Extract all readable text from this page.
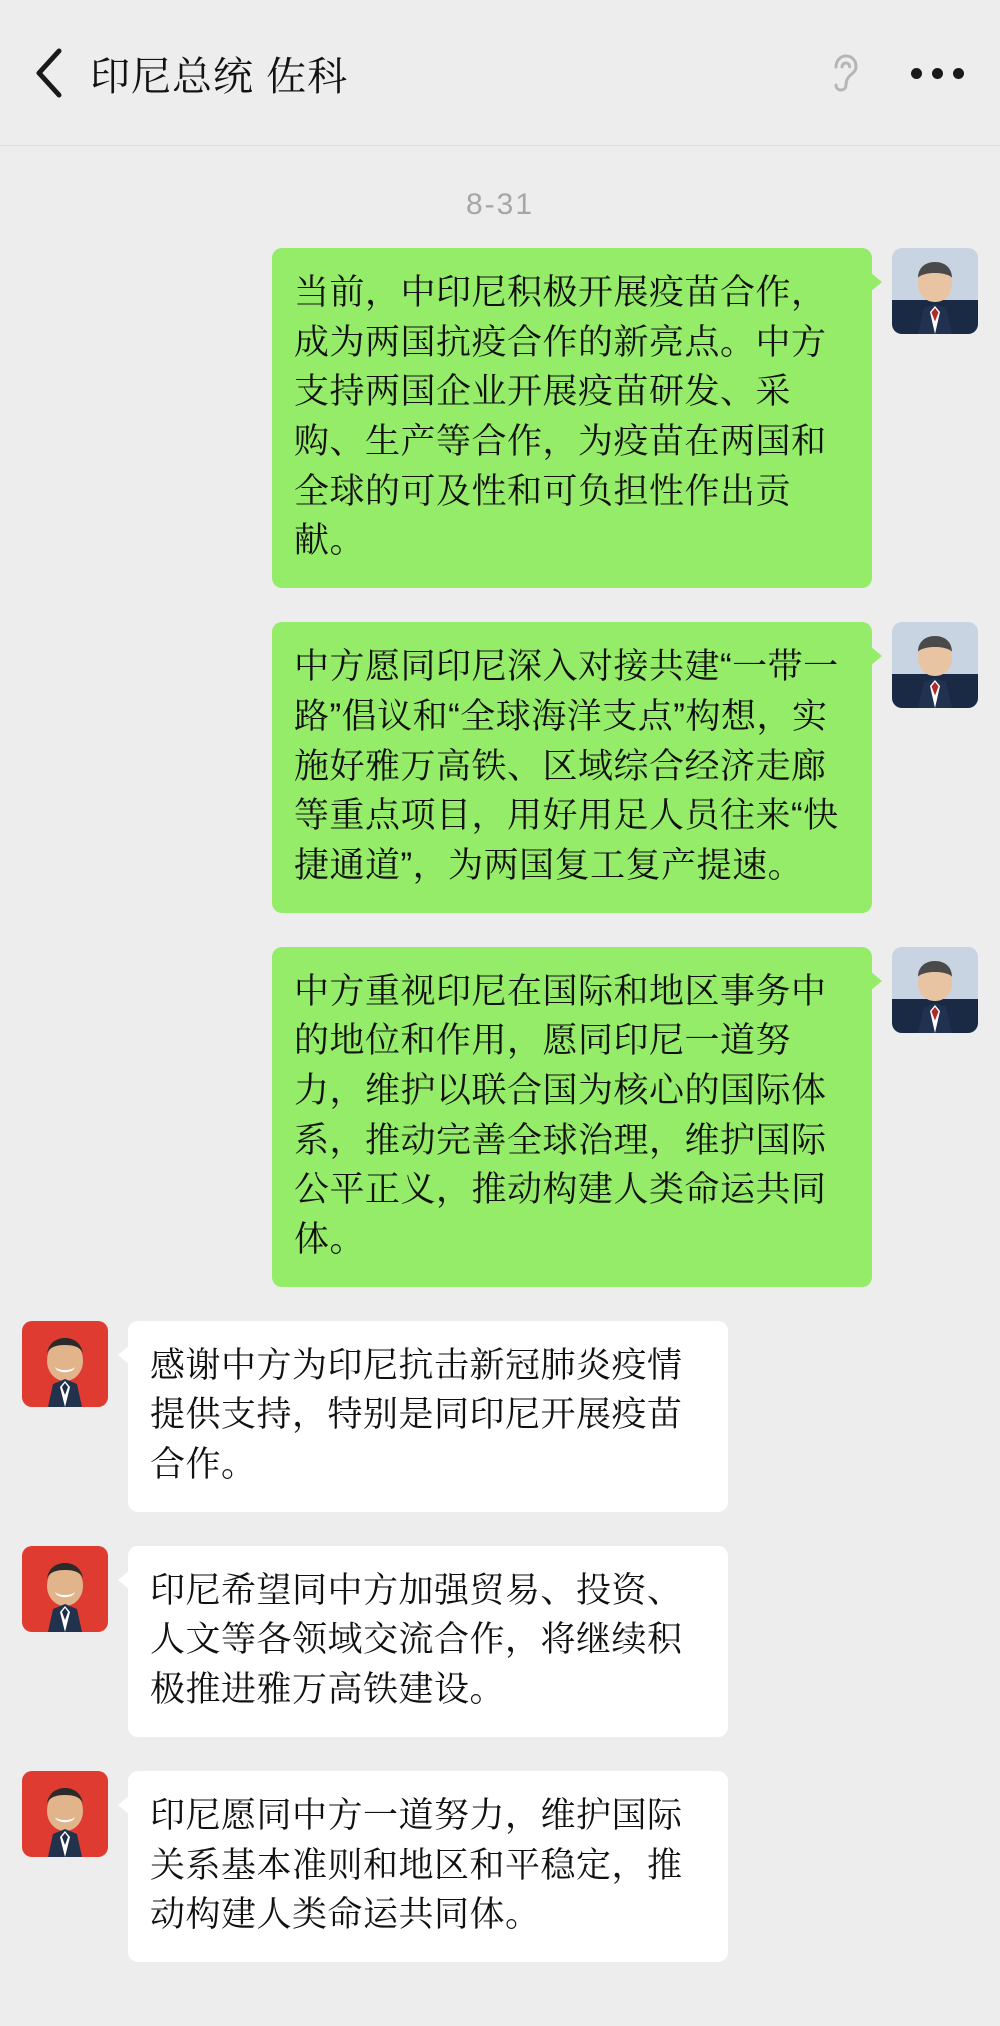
印尼总统 佐科
8-31
当前，中印尼积极开展疫苗合作，成为两国抗疫合作的新亮点。中方支持两国企业开展疫苗研发、采购、生产等合作，为疫苗在两国和全球的可及性和可负担性作出贡献。
中方愿同印尼深入对接共建“一带一路”倡议和“全球海洋支点”构想，实施好雅万高铁、区域综合经济走廊等重点项目，用好用足人员往来“快捷通道”，为两国复工复产提速。
中方重视印尼在国际和地区事务中的地位和作用，愿同印尼一道努力，维护以联合国为核心的国际体系，推动完善全球治理，维护国际公平正义，推动构建人类命运共同体。
感谢中方为印尼抗击新冠肺炎疫情提供支持，特别是同印尼开展疫苗合作。
印尼希望同中方加强贸易、投资、人文等各领域交流合作，将继续积极推进雅万高铁建设。
印尼愿同中方一道努力，维护国际关系基本准则和地区和平稳定，推动构建人类命运共同体。
